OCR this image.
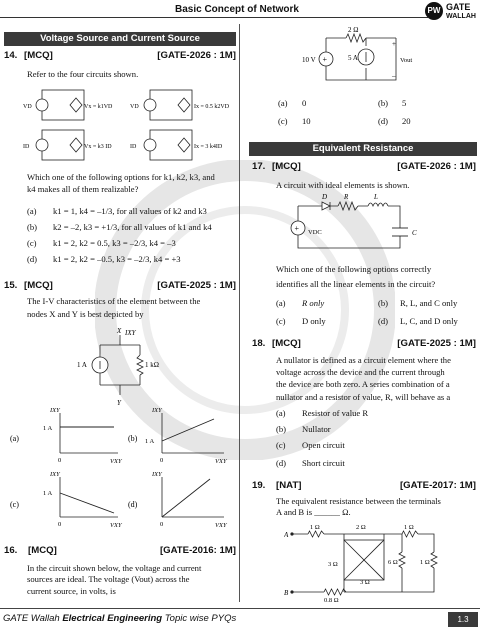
Basic Concept of Network	PW GATE
WALLAH
Voltage Source and Current Source
14. [MCQ]	[GATE-2026 : 1M]
Refer to the four circuits shown.
VD	Vx = k1VD	VD	Ix = 0.5 k2VD
ID	Vx = k3 ID	ID	Ix = 3 k4ID
Which one of the following options for k1, k2, k3, and
k4 makes all of them realizable?
(a) k1 = 1, k4 = –1/3, for all values of k2 and k3
(b) k2 = –2, k3 = +1/3, for all values of k1 and k4
(c) k1 = 2, k2 = 0.5, k3 = –2/3, k4 = –3
(d) k1 = 2, k2 = –0.5, k3 = –2/3, k4 = +3
15. [MCQ]	[GATE-2025 : 1M]
The I-V characteristics of the element between the
nodes X and Y is best depicted by
X IXY
1 A	1 kΩ
Y
(a)
IXY
1 A
0	VXY
(b)
IXY
1 A
0	VXY
(c)
IXY
1 A
0	VXY
(d)
IXY
0	VXY
16. [MCQ]	[GATE-2016: 1M]
In the circuit shown below, the voltage and current
sources are ideal. The voltage (Vout) across the
current source, in volts, is
2 Ω
+
10 V	5 A
+
Vout
–
(a) 0	(b) 5
(c) 10	(d) 20
Equivalent Resistance
17. [MCQ]	[GATE-2026 : 1M]
A circuit with ideal elements is shown.
+ VDC
D R	L
C
Which one of the following options correctly
identifies all the linear elements in the circuit?
(a) R only	(b) R, L, and C only
(c) D only	(d) L, C, and D only
18. [MCQ]	[GATE-2025 : 1M]
A nullator is defined as a circuit element where the
voltage across the device and the current through
the device are both zero. A series combination of a
nullator and a resistor of value, R, will behave as a
(a) Resistor of value R
(b) Nullator
(c) Open circuit
(d) Short circuit
19. [NAT]	[GATE-2017: 1M]
The equivalent resistance between the terminals
A and B is ______ Ω.
A
B
1 Ω	2 Ω	1 Ω
3 Ω	6 Ω	1 Ω
3 Ω
0.8 Ω
GATE Wallah Electrical Engineering Topic wise PYQs	1.3
